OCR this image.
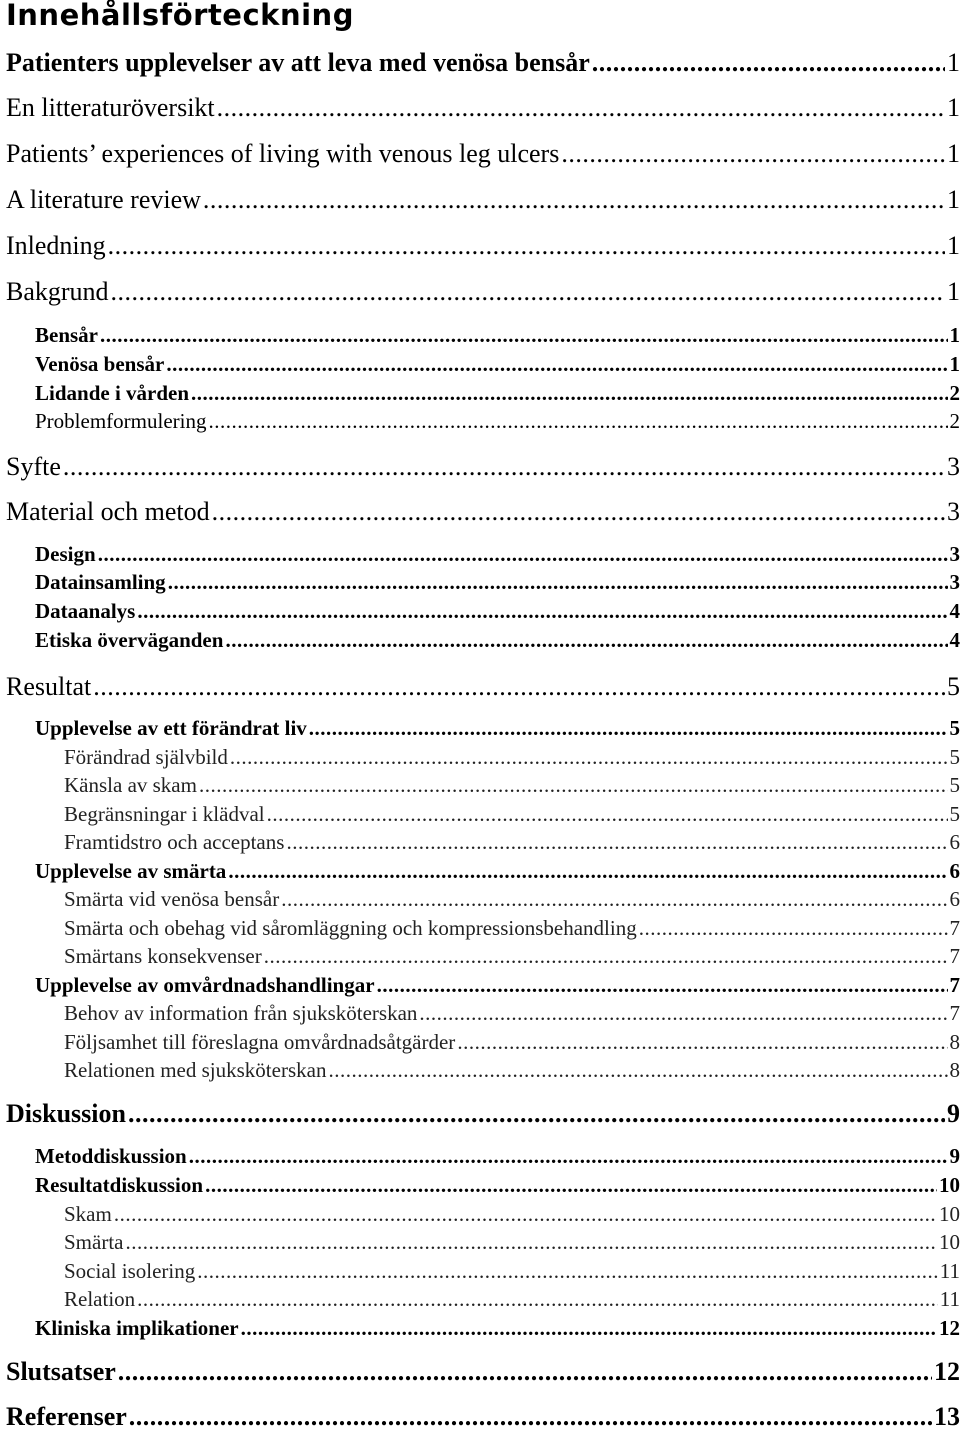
Innehållsförteckning
Patienters upplevelser av att leva med venösa bensår .....	1
En litteraturöversikt .....	1
Patients’ experiences of living with venous leg ulcers .....	1
A literature review .....	1
Inledning .....	1
Bakgrund .....	1
Bensår .....	1
Venösa bensår .....	1
Lidande i vården .....	2
Problemformulering .....	2
Syfte .....	3
Material och metod .....	3
Design .....	3
Datainsamling .....	3
Dataanalys .....	4
Etiska överväganden .....	4
Resultat .....	5
Upplevelse av ett förändrat liv .....	5
Förändrad självbild .....	5
Känsla av skam .....	5
Begränsningar i klädval .....	5
Framtidstro och acceptans .....	6
Upplevelse av smärta .....	6
Smärta vid venösa bensår .....	6
Smärta och obehag vid såromläggning och kompressionsbehandling .....	7
Smärtans konsekvenser .....	7
Upplevelse av omvårdnadshandlingar .....	7
Behov av information från sjuksköterskan .....	7
Följsamhet till föreslagna omvårdnadsåtgärder .....	8
Relationen med sjuksköterskan .....	8
Diskussion .....	9
Metoddiskussion .....	9
Resultatdiskussion .....	10
Skam .....	10
Smärta .....	10
Social isolering .....	11
Relation .....	11
Kliniska implikationer .....	12
Slutsatser .....	12
Referenser .....	13
